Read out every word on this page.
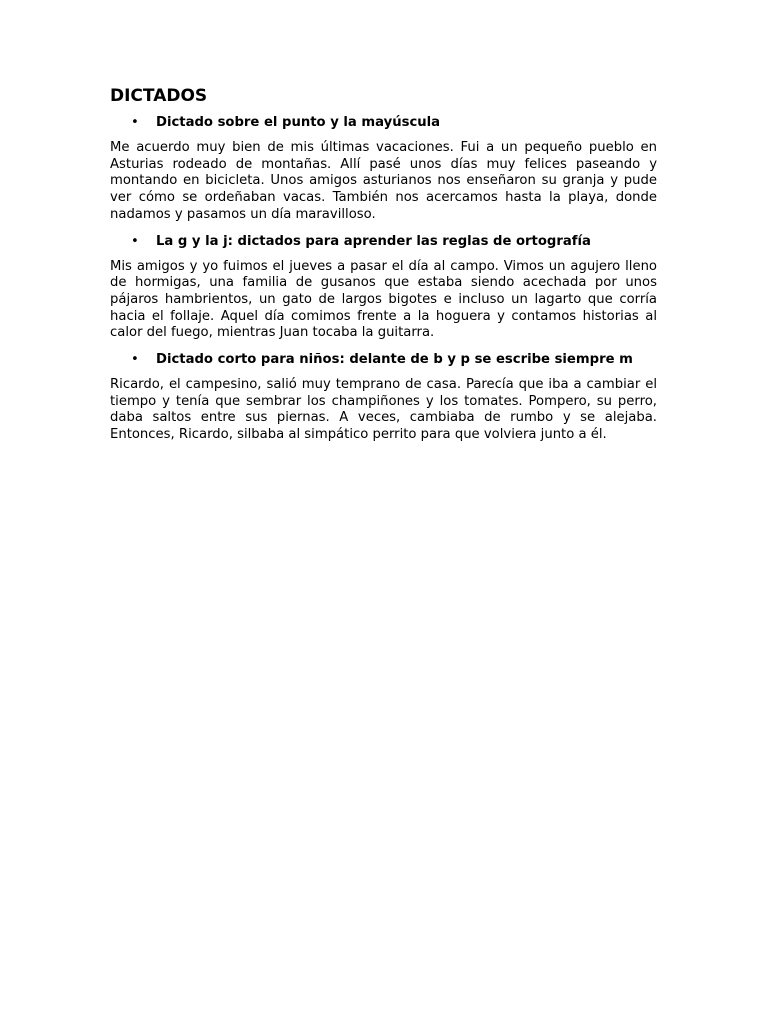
DICTADOS
• Dictado sobre el punto y la mayúscula

Me acuerdo muy bien de mis últimas vacaciones. Fui a un pequeño pueblo en Asturias rodeado de montañas. Allí pasé unos días muy felices paseando y montando en bicicleta. Unos amigos asturianos nos enseñaron su granja y pude ver cómo se ordeñaban vacas. También nos acercamos hasta la playa, donde nadamos y pasamos un día maravilloso.

• La g y la j: dictados para aprender las reglas de ortografía

Mis amigos y yo fuimos el jueves a pasar el día al campo. Vimos un agujero lleno de hormigas, una familia de gusanos que estaba siendo acechada por unos pájaros hambrientos, un gato de largos bigotes e incluso un lagarto que corría hacia el follaje. Aquel día comimos frente a la hoguera y contamos historias al calor del fuego, mientras Juan tocaba la guitarra.

• Dictado corto para niños: delante de b y p se escribe siempre m

Ricardo, el campesino, salió muy temprano de casa. Parecía que iba a cambiar el tiempo y tenía que sembrar los champiñones y los tomates. Pompero, su perro, daba saltos entre sus piernas. A veces, cambiaba de rumbo y se alejaba. Entonces, Ricardo, silbaba al simpático perrito para que volviera junto a él.
